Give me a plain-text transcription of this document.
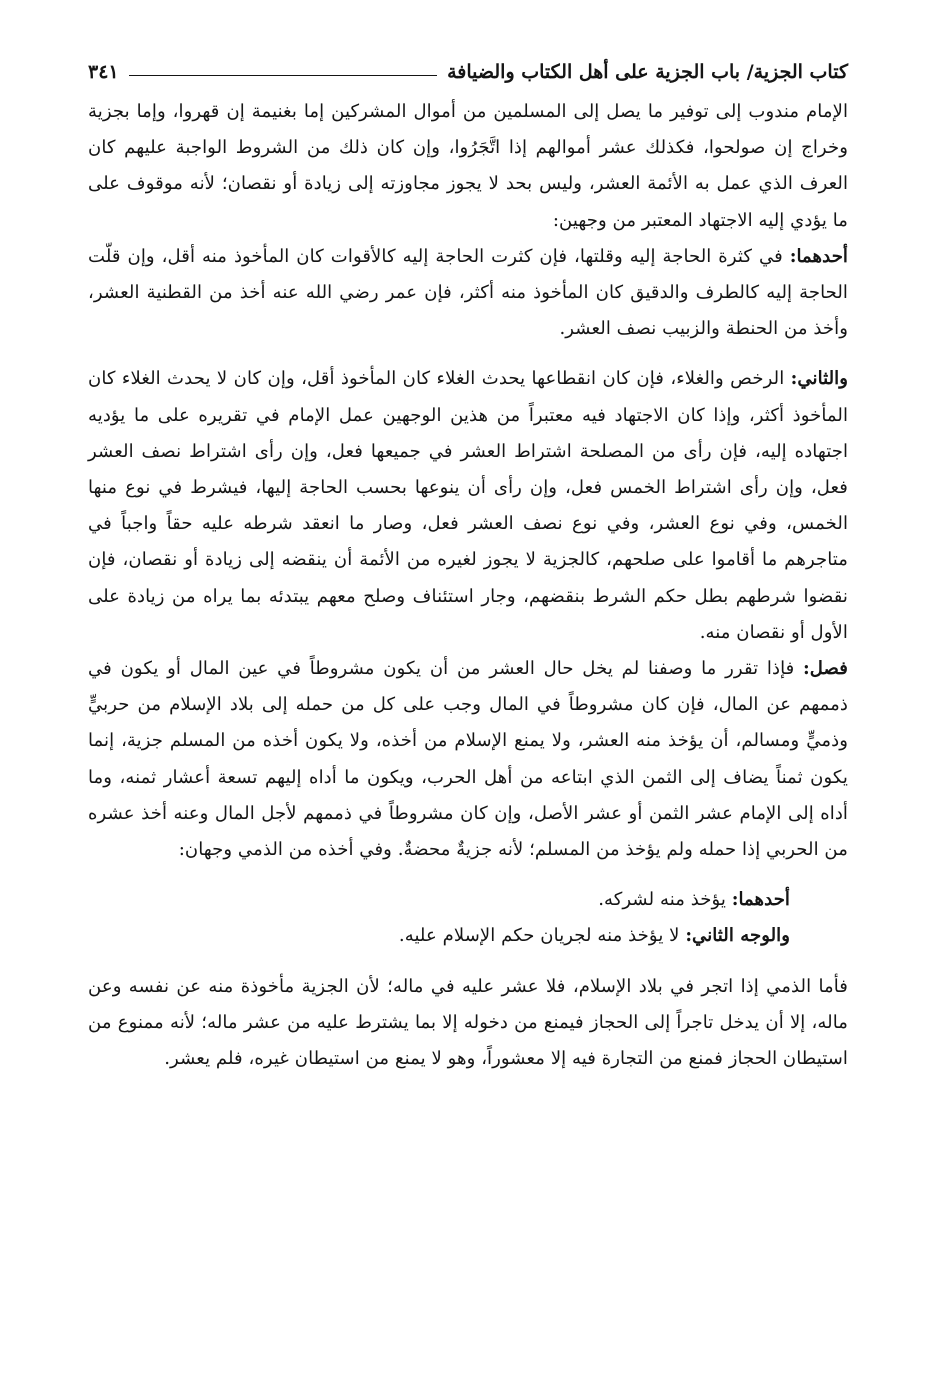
كتاب الجزية/ باب الجزية على أهل الكتاب والضيافة
٣٤١

الإمام مندوب إلى توفير ما يصل إلى المسلمين من أموال المشركين إما بغنيمة إن قهروا، وإما بجزية وخراج إن صولحوا، فكذلك عشر أموالهم إذا اتَّجَرُوا، وإن كان ذلك من الشروط الواجبة عليهم كان العرف الذي عمل به الأئمة العشر، وليس بحد لا يجوز مجاوزته إلى زيادة أو نقصان؛ لأنه موقوف على ما يؤدي إليه الاجتهاد المعتبر من وجهين:

أحدهما: في كثرة الحاجة إليه وقلتها، فإن كثرت الحاجة إليه كالأقوات كان المأخوذ منه أقل، وإن قلّت الحاجة إليه كالطرف والدقيق كان المأخوذ منه أكثر، فإن عمر رضي الله عنه أخذ من القطنية العشر، وأخذ من الحنطة والزبيب نصف العشر.

والثاني: الرخص والغلاء، فإن كان انقطاعها يحدث الغلاء كان المأخوذ أقل، وإن كان لا يحدث الغلاء كان المأخوذ أكثر، وإذا كان الاجتهاد فيه معتبراً من هذين الوجهين عمل الإمام في تقريره على ما يؤديه اجتهاده إليه، فإن رأى من المصلحة اشتراط العشر في جميعها فعل، وإن رأى اشتراط نصف العشر فعل، وإن رأى اشتراط الخمس فعل، وإن رأى أن ينوعها بحسب الحاجة إليها، فيشرط في نوع منها الخمس، وفي نوع العشر، وفي نوع نصف العشر فعل، وصار ما انعقد شرطه عليه حقاً واجباً في متاجرهم ما أقاموا على صلحهم، كالجزية لا يجوز لغيره من الأئمة أن ينقضه إلى زيادة أو نقصان، فإن نقضوا شرطهم بطل حكم الشرط بنقضهم، وجار استئناف وصلح معهم يبتدئه بما يراه من زيادة على الأول أو نقصان منه.

فصل: فإذا تقرر ما وصفنا لم يخل حال العشر من أن يكون مشروطاً في عين المال أو يكون في ذممهم عن المال، فإن كان مشروطاً في المال وجب على كل من حمله إلى بلاد الإسلام من حربيٍّ وذميٍّ ومسالم، أن يؤخذ منه العشر، ولا يمنع الإسلام من أخذه، ولا يكون أخذه من المسلم جزية، إنما يكون ثمناً يضاف إلى الثمن الذي ابتاعه من أهل الحرب، ويكون ما أداه إليهم تسعة أعشار ثمنه، وما أداه إلى الإمام عشر الثمن أو عشر الأصل، وإن كان مشروطاً في ذممهم لأجل المال وعنه أخذ عشره من الحربي إذا حمله ولم يؤخذ من المسلم؛ لأنه جزيةٌ محضةٌ. وفي أخذه من الذمي وجهان:

أحدهما: يؤخذ منه لشركه.

والوجه الثاني: لا يؤخذ منه لجريان حكم الإسلام عليه.

فأما الذمي إذا اتجر في بلاد الإسلام، فلا عشر عليه في ماله؛ لأن الجزية مأخوذة منه عن نفسه وعن ماله، إلا أن يدخل تاجراً إلى الحجاز فيمنع من دخوله إلا بما يشترط عليه من عشر ماله؛ لأنه ممنوع من استيطان الحجاز فمنع من التجارة فيه إلا معشوراً، وهو لا يمنع من استيطان غيره، فلم يعشر.
